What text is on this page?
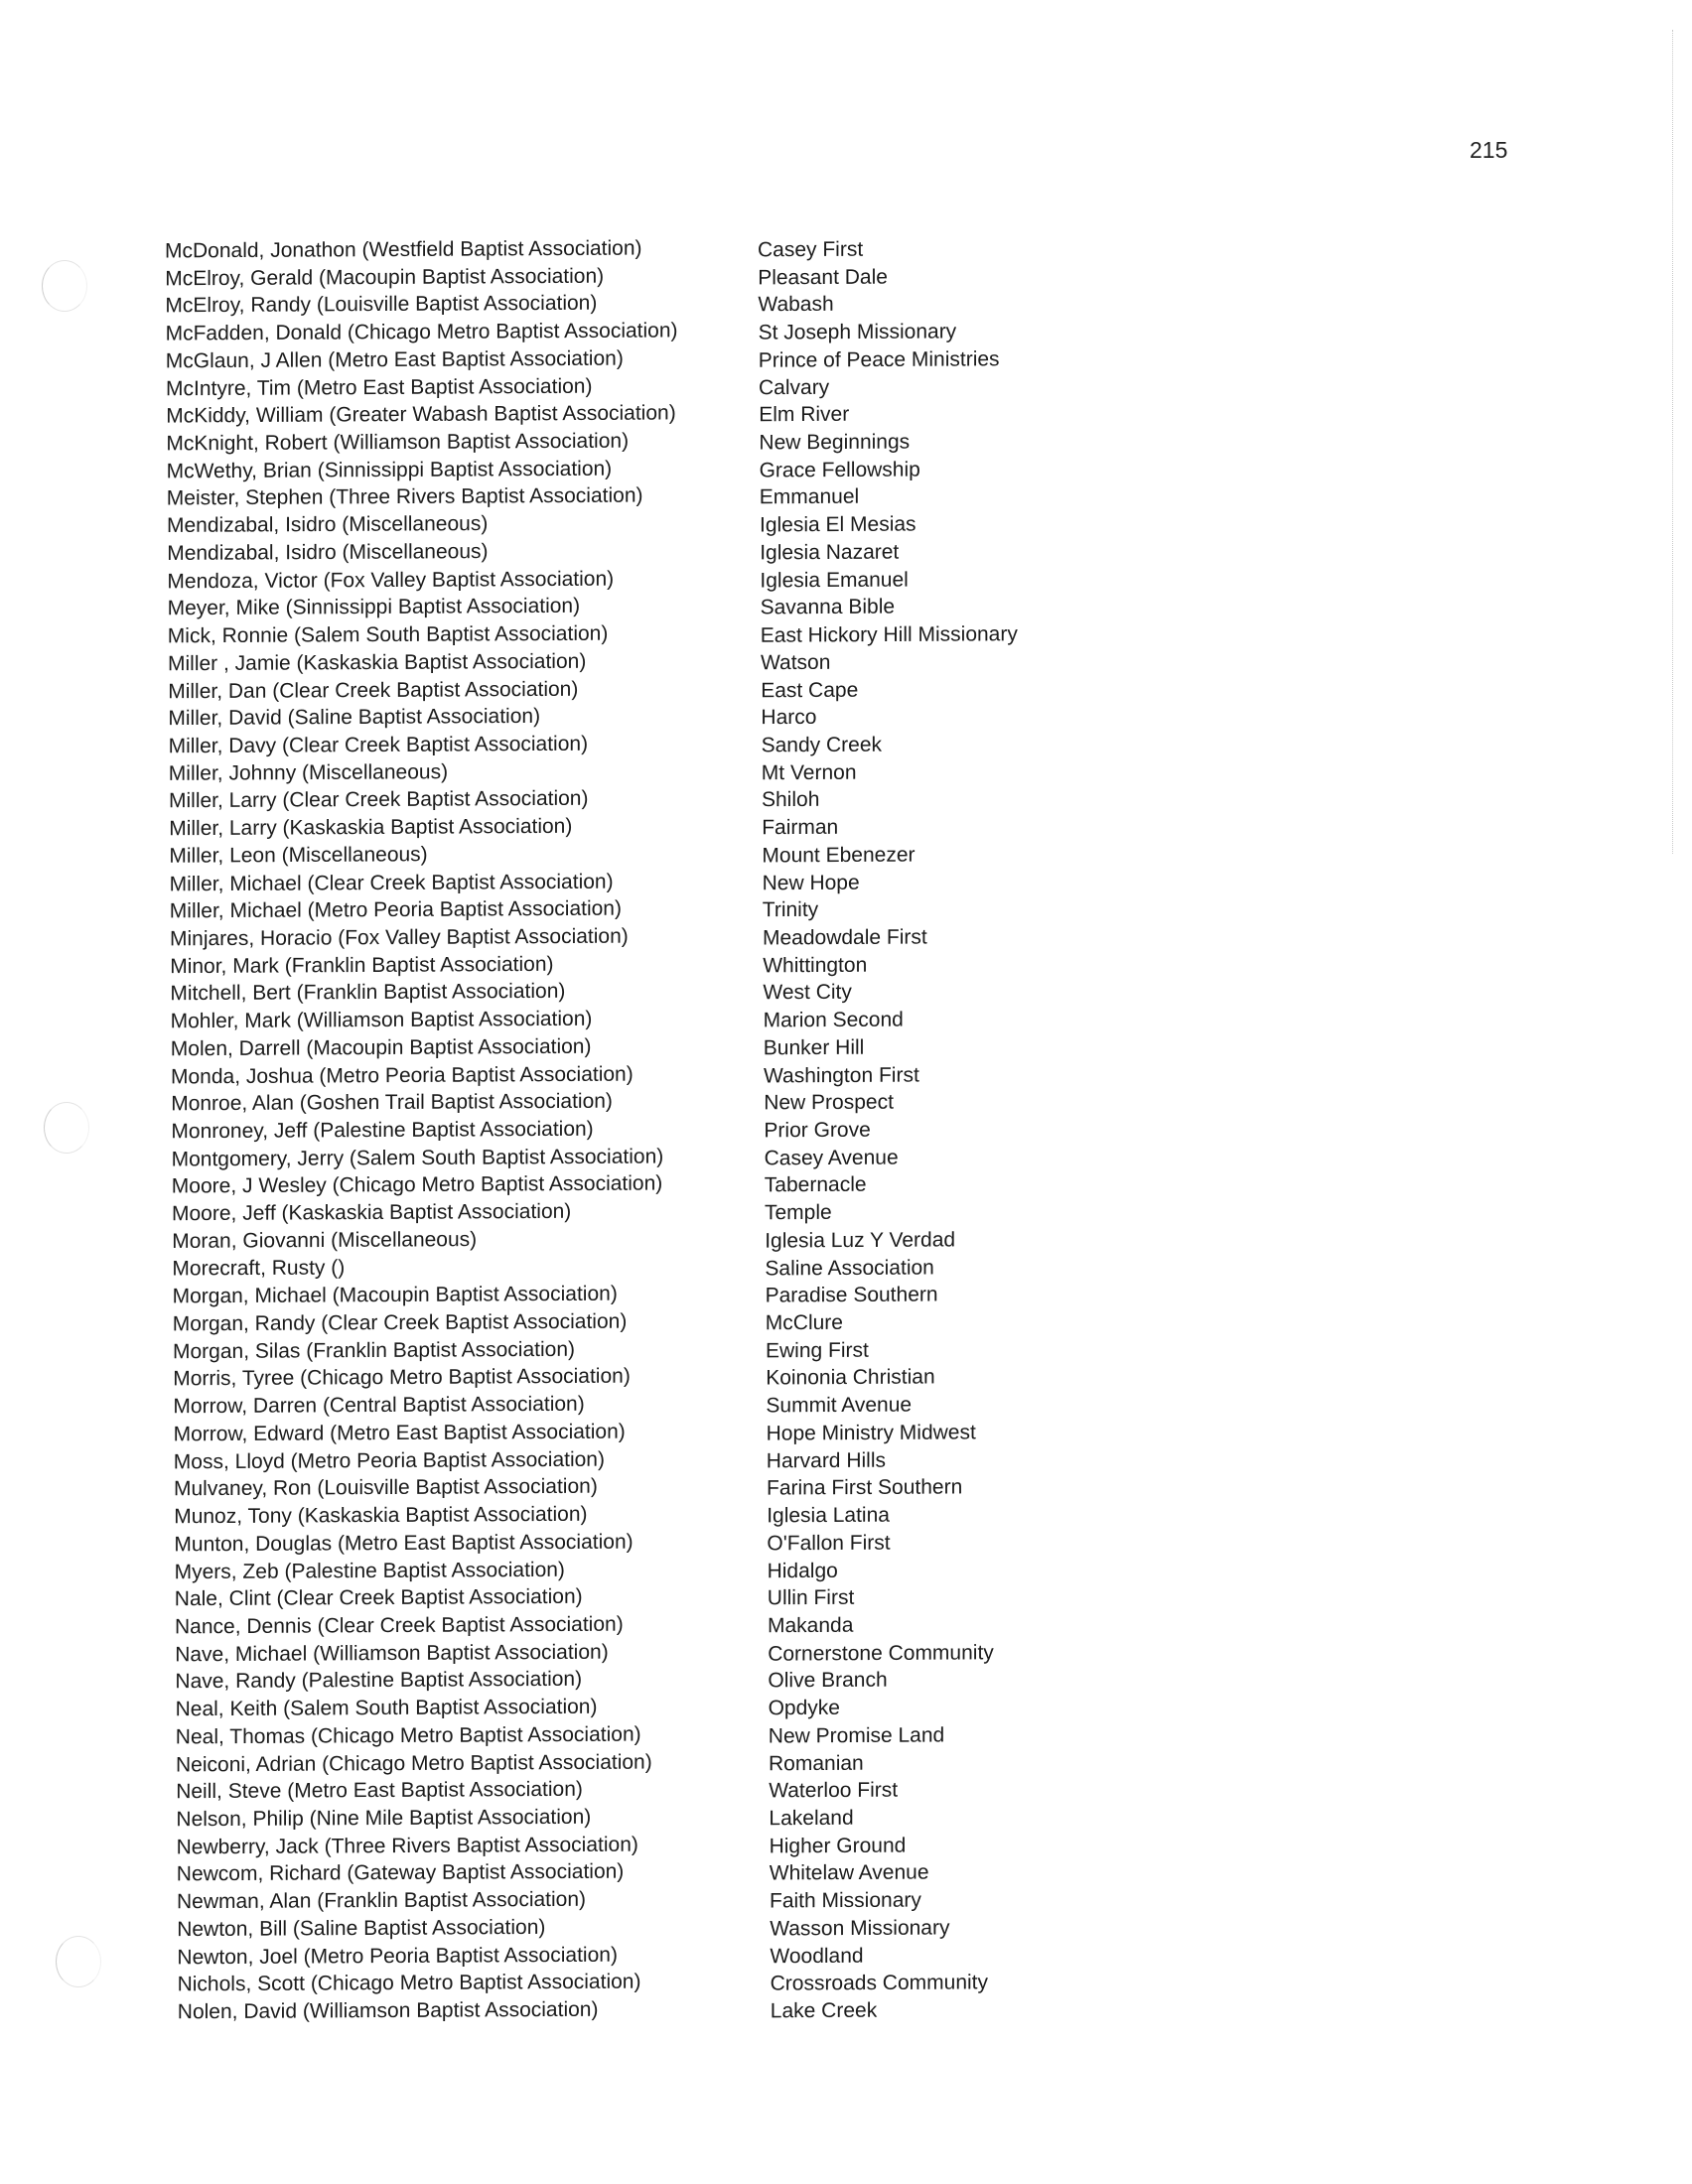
215
McDonald, Jonathon (Westfield Baptist Association)	Casey First
McElroy, Gerald (Macoupin Baptist Association)	Pleasant Dale
McElroy, Randy (Louisville Baptist Association)	Wabash
McFadden, Donald (Chicago Metro Baptist Association)	St Joseph Missionary
McGlaun, J Allen (Metro East Baptist Association)	Prince of Peace Ministries
McIntyre, Tim (Metro East Baptist Association)	Calvary
McKiddy, William (Greater Wabash Baptist Association)	Elm River
McKnight, Robert (Williamson Baptist Association)	New Beginnings
McWethy, Brian (Sinnissippi Baptist Association)	Grace Fellowship
Meister, Stephen (Three Rivers Baptist Association)	Emmanuel
Mendizabal, Isidro (Miscellaneous)	Iglesia El Mesias
Mendizabal, Isidro (Miscellaneous)	Iglesia Nazaret
Mendoza, Victor (Fox Valley Baptist Association)	Iglesia Emanuel
Meyer, Mike (Sinnissippi Baptist Association)	Savanna Bible
Mick, Ronnie (Salem South Baptist Association)	East Hickory Hill Missionary
Miller , Jamie (Kaskaskia Baptist Association)	Watson
Miller, Dan (Clear Creek Baptist Association)	East Cape
Miller, David (Saline Baptist Association)	Harco
Miller, Davy (Clear Creek Baptist Association)	Sandy Creek
Miller, Johnny (Miscellaneous)	Mt Vernon
Miller, Larry (Clear Creek Baptist Association)	Shiloh
Miller, Larry (Kaskaskia Baptist Association)	Fairman
Miller, Leon (Miscellaneous)	Mount Ebenezer
Miller, Michael (Clear Creek Baptist Association)	New Hope
Miller, Michael (Metro Peoria Baptist Association)	Trinity
Minjares, Horacio (Fox Valley Baptist Association)	Meadowdale First
Minor, Mark (Franklin Baptist Association)	Whittington
Mitchell, Bert (Franklin Baptist Association)	West City
Mohler, Mark (Williamson Baptist Association)	Marion Second
Molen, Darrell (Macoupin Baptist Association)	Bunker Hill
Monda, Joshua (Metro Peoria Baptist Association)	Washington First
Monroe, Alan (Goshen Trail Baptist Association)	New Prospect
Monroney, Jeff (Palestine Baptist Association)	Prior Grove
Montgomery, Jerry (Salem South Baptist Association)	Casey Avenue
Moore, J Wesley (Chicago Metro Baptist Association)	Tabernacle
Moore, Jeff (Kaskaskia Baptist Association)	Temple
Moran, Giovanni (Miscellaneous)	Iglesia Luz Y Verdad
Morecraft, Rusty ()	Saline Association
Morgan, Michael (Macoupin Baptist Association)	Paradise Southern
Morgan, Randy (Clear Creek Baptist Association)	McClure
Morgan, Silas (Franklin Baptist Association)	Ewing First
Morris, Tyree (Chicago Metro Baptist Association)	Koinonia Christian
Morrow, Darren (Central Baptist Association)	Summit Avenue
Morrow, Edward (Metro East Baptist Association)	Hope Ministry Midwest
Moss, Lloyd (Metro Peoria Baptist Association)	Harvard Hills
Mulvaney, Ron (Louisville Baptist Association)	Farina First Southern
Munoz, Tony (Kaskaskia Baptist Association)	Iglesia Latina
Munton, Douglas (Metro East Baptist Association)	O'Fallon First
Myers, Zeb (Palestine Baptist Association)	Hidalgo
Nale, Clint (Clear Creek Baptist Association)	Ullin First
Nance, Dennis (Clear Creek Baptist Association)	Makanda
Nave, Michael (Williamson Baptist Association)	Cornerstone Community
Nave, Randy (Palestine Baptist Association)	Olive Branch
Neal, Keith (Salem South Baptist Association)	Opdyke
Neal, Thomas (Chicago Metro Baptist Association)	New Promise Land
Neiconi, Adrian (Chicago Metro Baptist Association)	Romanian
Neill, Steve (Metro East Baptist Association)	Waterloo First
Nelson, Philip (Nine Mile Baptist Association)	Lakeland
Newberry, Jack (Three Rivers Baptist Association)	Higher Ground
Newcom, Richard (Gateway Baptist Association)	Whitelaw Avenue
Newman, Alan (Franklin Baptist Association)	Faith Missionary
Newton, Bill (Saline Baptist Association)	Wasson Missionary
Newton, Joel (Metro Peoria Baptist Association)	Woodland
Nichols, Scott (Chicago Metro Baptist Association)	Crossroads Community
Nolen, David (Williamson Baptist Association)	Lake Creek
